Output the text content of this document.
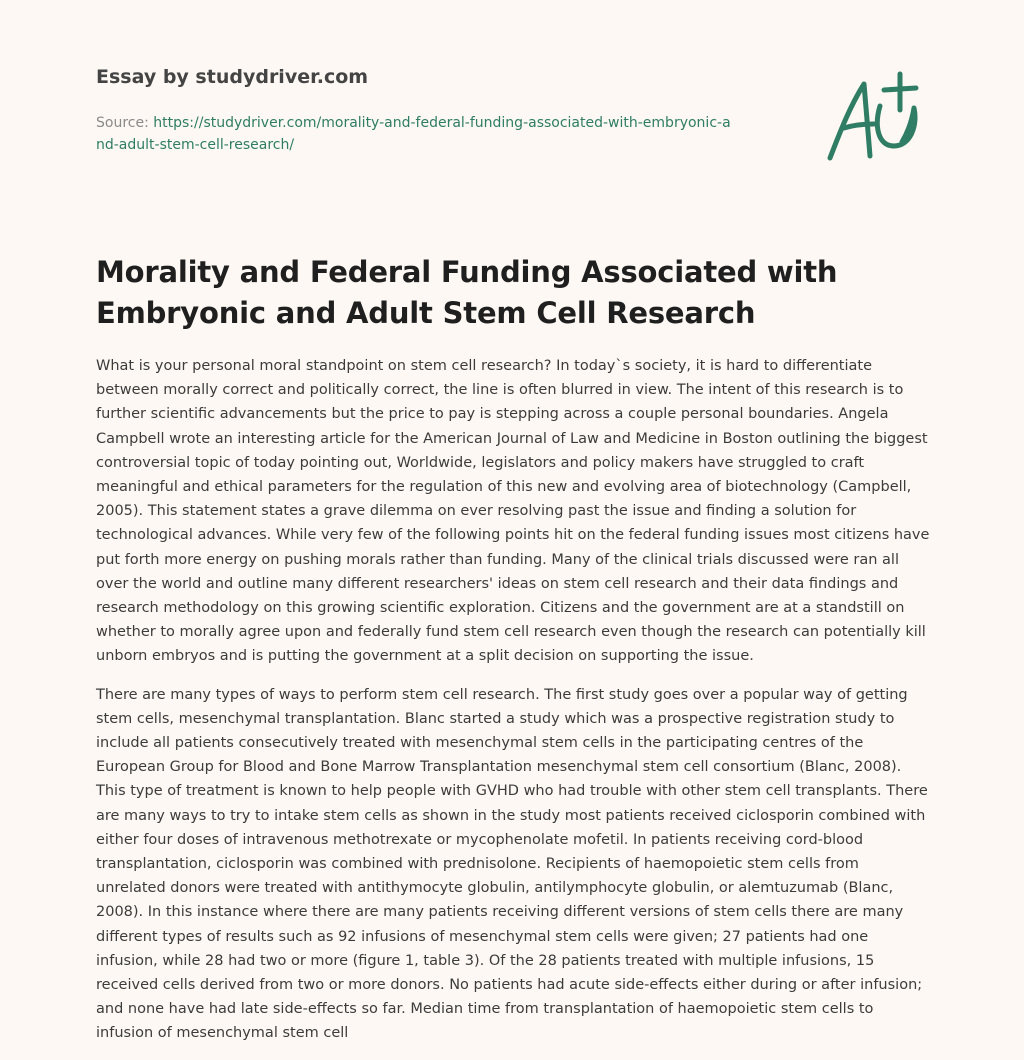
Essay by studydriver.com
Source: https://studydriver.com/morality-and-federal-funding-associated-with-embryonic-and-adult-stem-cell-research/
Morality and Federal Funding Associated with Embryonic and Adult Stem Cell Research

What is your personal moral standpoint on stem cell research? In today`s society, it is hard to differentiate between morally correct and politically correct, the line is often blurred in view. The intent of this research is to further scientific advancements but the price to pay is stepping across a couple personal boundaries. Angela Campbell wrote an interesting article for the American Journal of Law and Medicine in Boston outlining the biggest controversial topic of today pointing out, Worldwide, legislators and policy makers have struggled to craft meaningful and ethical parameters for the regulation of this new and evolving area of biotechnology (Campbell, 2005). This statement states a grave dilemma on ever resolving past the issue and finding a solution for technological advances. While very few of the following points hit on the federal funding issues most citizens have put forth more energy on pushing morals rather than funding. Many of the clinical trials discussed were ran all over the world and outline many different researchers' ideas on stem cell research and their data findings and research methodology on this growing scientific exploration. Citizens and the government are at a standstill on whether to morally agree upon and federally fund stem cell research even though the research can potentially kill unborn embryos and is putting the government at a split decision on supporting the issue.

There are many types of ways to perform stem cell research. The first study goes over a popular way of getting stem cells, mesenchymal transplantation. Blanc started a study which was a prospective registration study to include all patients consecutively treated with mesenchymal stem cells in the participating centres of the European Group for Blood and Bone Marrow Transplantation mesenchymal stem cell consortium (Blanc, 2008). This type of treatment is known to help people with GVHD who had trouble with other stem cell transplants. There are many ways to try to intake stem cells as shown in the study most patients received ciclosporin combined with either four doses of intravenous methotrexate or mycophenolate mofetil. In patients receiving cord-blood transplantation, ciclosporin was combined with prednisolone. Recipients of haemopoietic stem cells from unrelated donors were treated with antithymocyte globulin, antilymphocyte globulin, or alemtuzumab (Blanc, 2008). In this instance where there are many patients receiving different versions of stem cells there are many different types of results such as 92 infusions of mesenchymal stem cells were given; 27 patients had one infusion, while 28 had two or more (figure 1, table 3). Of the 28 patients treated with multiple infusions, 15 received cells derived from two or more donors. No patients had acute side-effects either during or after infusion; and none have had late side-effects so far. Median time from transplantation of haemopoietic stem cells to infusion of mesenchymal stem cell
